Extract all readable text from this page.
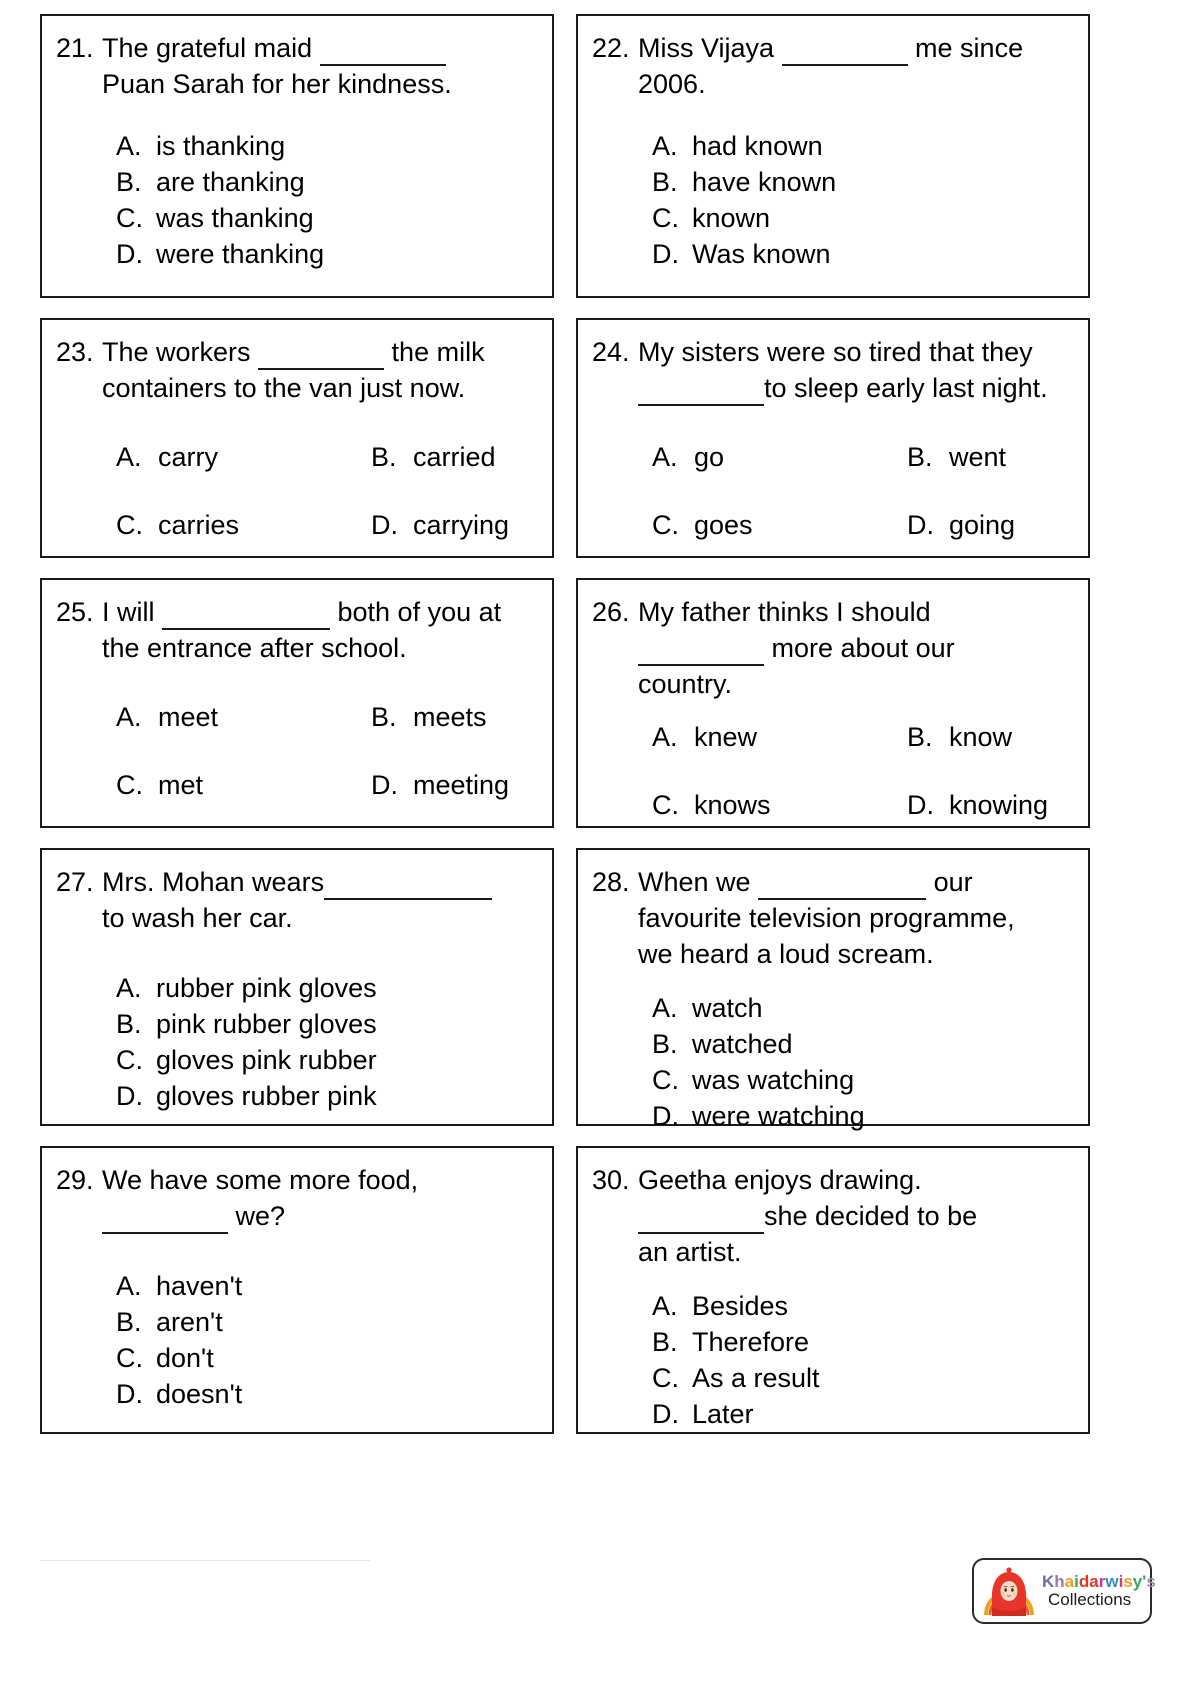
21. The grateful maid
Puan Sarah for her kindness.
A. is thanking
B. are thanking
C. was thanking
D. were thanking
22. Miss Vijaya	me since
2006.
A. had known
B. have known
C. known
D. Was known
23. The workers	the milk
containers to the van just now.
A. carry	B. carried
C. carries	D. carrying
24. My sisters were so tired that they
to sleep early last night.
A. go	B. went
C. goes	D. going
25. I will	both of you at
the entrance after school.
A. meet	B. meets
C. met	D. meeting
26. My father thinks I should
more about our
country.
A. knew	B. know
C. knows	D. knowing
27. Mrs. Mohan wears
to wash her car.
A. rubber pink gloves
B. pink rubber gloves
C. gloves pink rubber
D. gloves rubber pink
28. When we	our
favourite television programme,
we heard a loud scream.
A. watch
B. watched
C. was watching
D. were watching
29. We have some more food,
we?
A. haven't
B. aren't
C. don't
D. doesn't
30. Geetha enjoys drawing.
she decided to be
an artist.
A. Besides
B. Therefore
C. As a result
D. Later
Khaidarwisy's
Collections
